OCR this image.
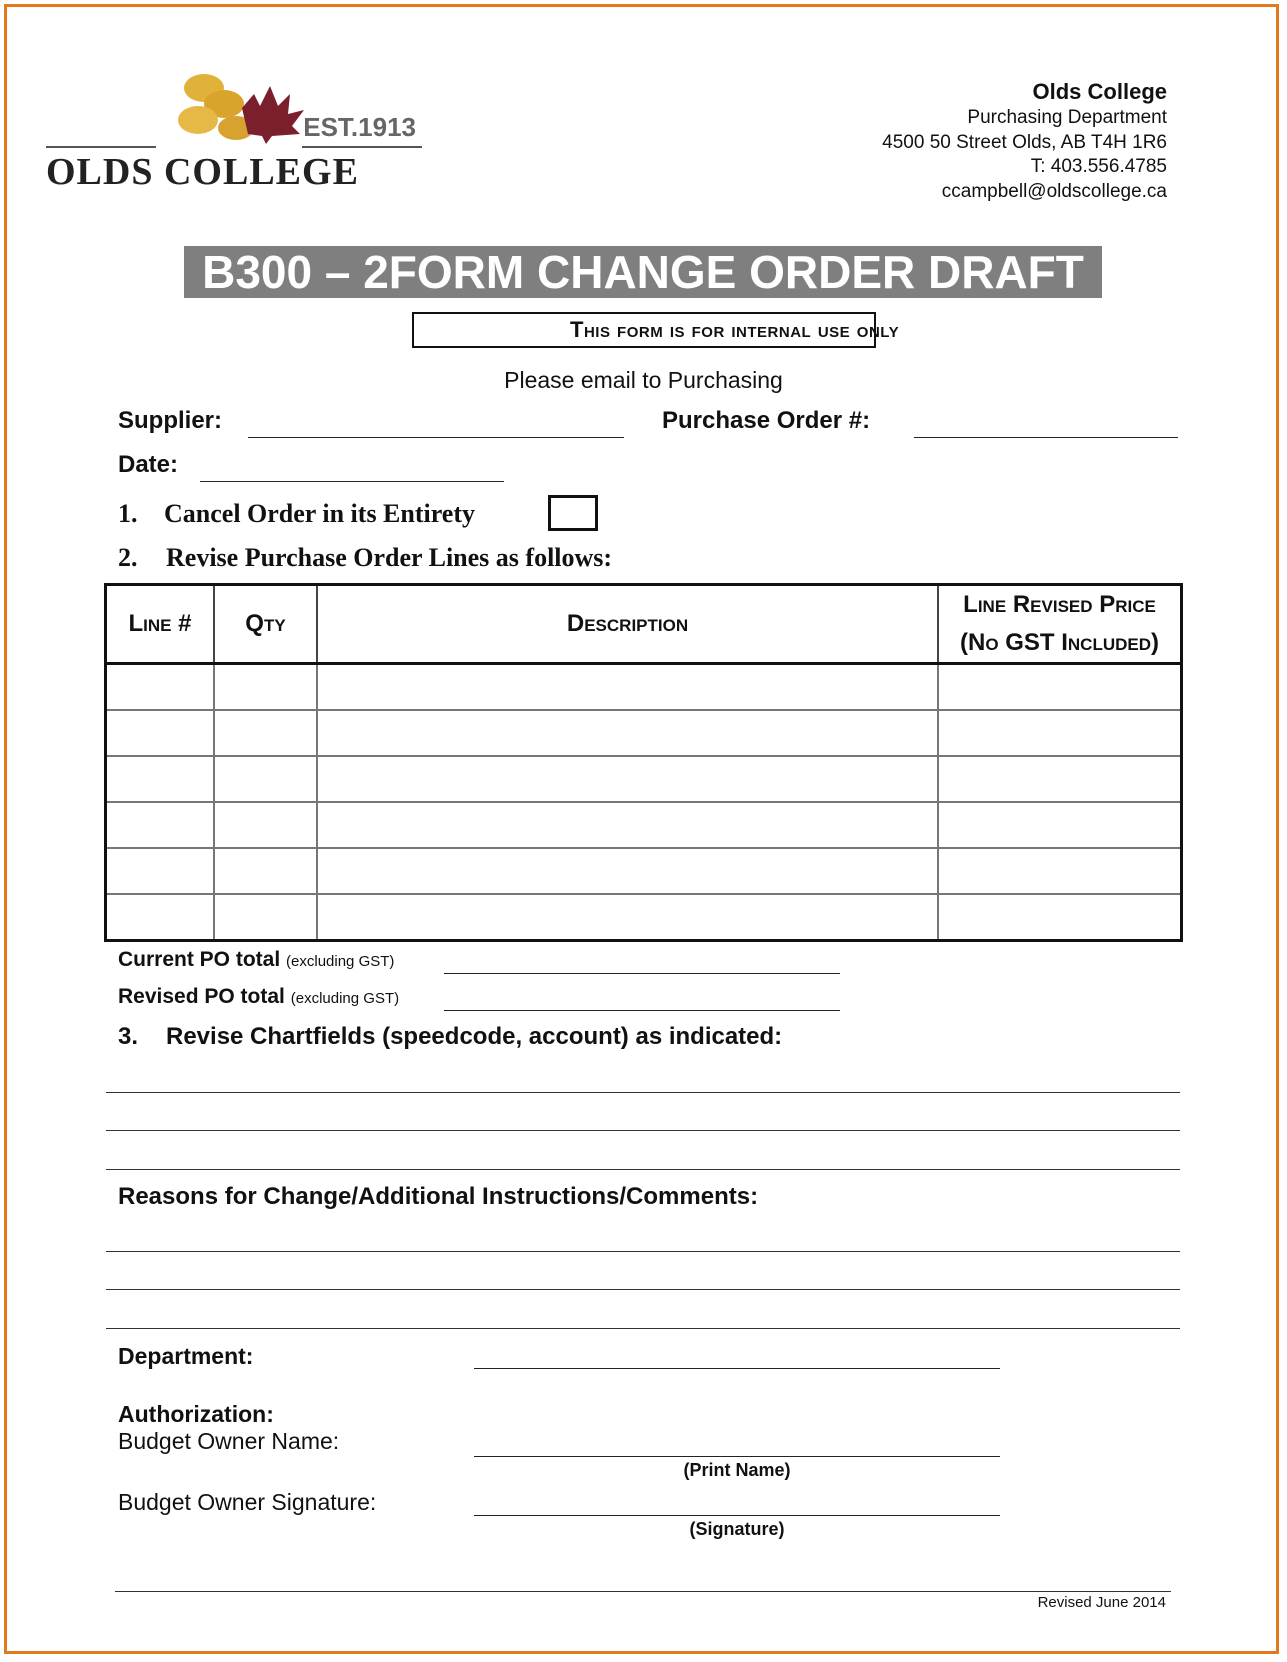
EST.1913
OLDS COLLEGE
Olds College
Purchasing Department
4500 50 Street Olds, AB T4H 1R6
T: 403.556.4785
ccampbell@oldscollege.ca
B300 – 2FORM CHANGE ORDER DRAFT
This form is for internal use only
Please email to Purchasing
Supplier:	Purchase Order #:
Date:
1. Cancel Order in its Entirety
2. Revise Purchase Order Lines as follows:
Line #	Qty	Description	Line Revised Price
(No GST Included)

Current PO total (excluding GST)
Revised PO total (excluding GST)
3. Revise Chartfields (speedcode, account) as indicated:
Reasons for Change/Additional Instructions/Comments:
Department:
Authorization:
Budget Owner Name:
(Print Name)
Budget Owner Signature:
(Signature)
Revised June 2014
